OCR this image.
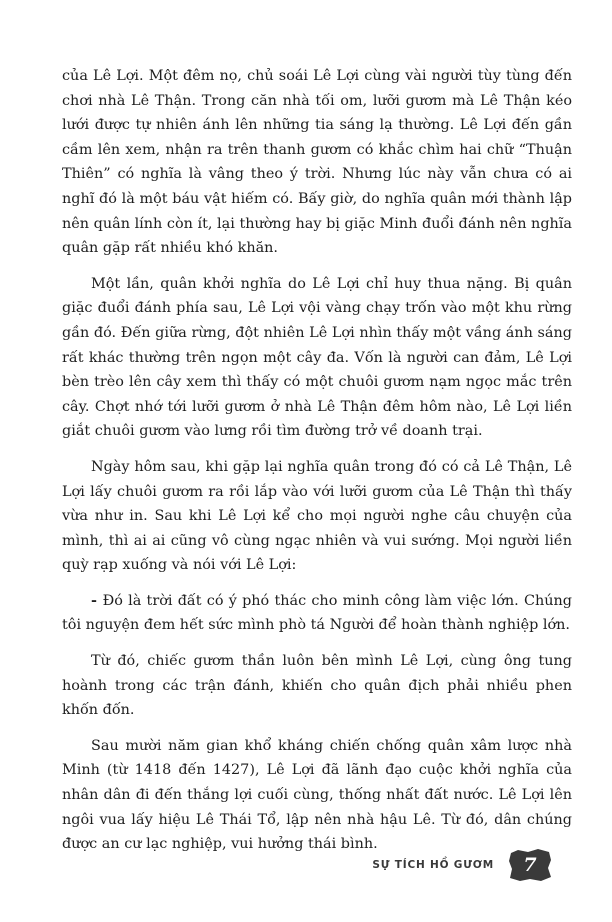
của Lê Lợi. Một đêm nọ, chủ soái Lê Lợi cùng vài người tùy tùng đến chơi nhà Lê Thận. Trong căn nhà tối om, lưỡi gươm mà Lê Thận kéo lưới được tự nhiên ánh lên những tia sáng lạ thường. Lê Lợi đến gần cầm lên xem, nhận ra trên thanh gươm có khắc chìm hai chữ “Thuận Thiên” có nghĩa là vâng theo ý trời. Nhưng lúc này vẫn chưa có ai nghĩ đó là một báu vật hiếm có. Bấy giờ, do nghĩa quân mới thành lập nên quân lính còn ít, lại thường hay bị giặc Minh đuổi đánh nên nghĩa quân gặp rất nhiều khó khăn.

Một lần, quân khởi nghĩa do Lê Lợi chỉ huy thua nặng. Bị quân giặc đuổi đánh phía sau, Lê Lợi vội vàng chạy trốn vào một khu rừng gần đó. Đến giữa rừng, đột nhiên Lê Lợi nhìn thấy một vầng ánh sáng rất khác thường trên ngọn một cây đa. Vốn là người can đảm, Lê Lợi bèn trèo lên cây xem thì thấy có một chuôi gươm nạm ngọc mắc trên cây. Chợt nhớ tới lưỡi gươm ở nhà Lê Thận đêm hôm nào, Lê Lợi liền giắt chuôi gươm vào lưng rồi tìm đường trở về doanh trại.

Ngày hôm sau, khi gặp lại nghĩa quân trong đó có cả Lê Thận, Lê Lợi lấy chuôi gươm ra rồi lắp vào với lưỡi gươm của Lê Thận thì thấy vừa như in. Sau khi Lê Lợi kể cho mọi người nghe câu chuyện của mình, thì ai ai cũng vô cùng ngạc nhiên và vui sướng. Mọi người liền quỳ rạp xuống và nói với Lê Lợi:

- Đó là trời đất có ý phó thác cho minh công làm việc lớn. Chúng tôi nguyện đem hết sức mình phò tá Người để hoàn thành nghiệp lớn.

Từ đó, chiếc gươm thần luôn bên mình Lê Lợi, cùng ông tung hoành trong các trận đánh, khiến cho quân địch phải nhiều phen khốn đốn.

Sau mười năm gian khổ kháng chiến chống quân xâm lược nhà Minh (từ 1418 đến 1427), Lê Lợi đã lãnh đạo cuộc khởi nghĩa của nhân dân đi đến thắng lợi cuối cùng, thống nhất đất nước. Lê Lợi lên ngôi vua lấy hiệu Lê Thái Tổ, lập nên nhà hậu Lê. Từ đó, dân chúng được an cư lạc nghiệp, vui hưởng thái bình.

SỰ TÍCH HỒ GƯƠM	7
